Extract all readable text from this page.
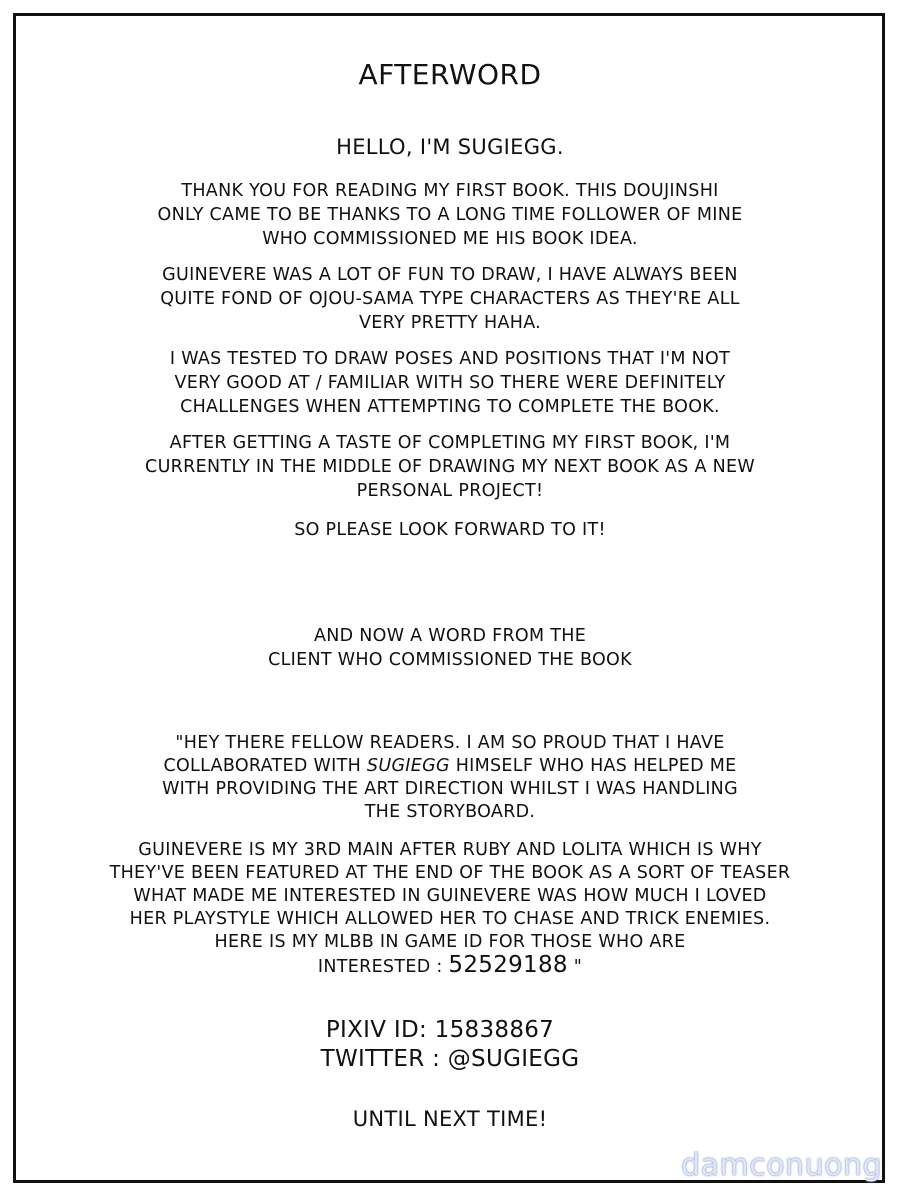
AFTERWORD
HELLO, I'M SUGIEGG.
THANK YOU FOR READING MY FIRST BOOK. THIS DOUJINSHI
ONLY CAME TO BE THANKS TO A LONG TIME FOLLOWER OF MINE
WHO COMMISSIONED ME HIS BOOK IDEA.
GUINEVERE WAS A LOT OF FUN TO DRAW, I HAVE ALWAYS BEEN
QUITE FOND OF OJOU-SAMA TYPE CHARACTERS AS THEY'RE ALL
VERY PRETTY HAHA.
I WAS TESTED TO DRAW POSES AND POSITIONS THAT I'M NOT
VERY GOOD AT / FAMILIAR WITH SO THERE WERE DEFINITELY
CHALLENGES WHEN ATTEMPTING TO COMPLETE THE BOOK.
AFTER GETTING A TASTE OF COMPLETING MY FIRST BOOK, I'M
CURRENTLY IN THE MIDDLE OF DRAWING MY NEXT BOOK AS A NEW
PERSONAL PROJECT!
SO PLEASE LOOK FORWARD TO IT!
AND NOW A WORD FROM THE
CLIENT WHO COMMISSIONED THE BOOK
"HEY THERE FELLOW READERS. I AM SO PROUD THAT I HAVE
COLLABORATED WITH SUGIEGG HIMSELF WHO HAS HELPED ME
WITH PROVIDING THE ART DIRECTION WHILST I WAS HANDLING
THE STORYBOARD.
GUINEVERE IS MY 3RD MAIN AFTER RUBY AND LOLITA WHICH IS WHY
THEY'VE BEEN FEATURED AT THE END OF THE BOOK AS A SORT OF TEASER
WHAT MADE ME INTERESTED IN GUINEVERE WAS HOW MUCH I LOVED
HER PLAYSTYLE WHICH ALLOWED HER TO CHASE AND TRICK ENEMIES.
HERE IS MY MLBB IN GAME ID FOR THOSE WHO ARE
INTERESTED : 52529188 "
PIXIV ID: 15838867
TWITTER : @SUGIEGG
UNTIL NEXT TIME!
damconuong
